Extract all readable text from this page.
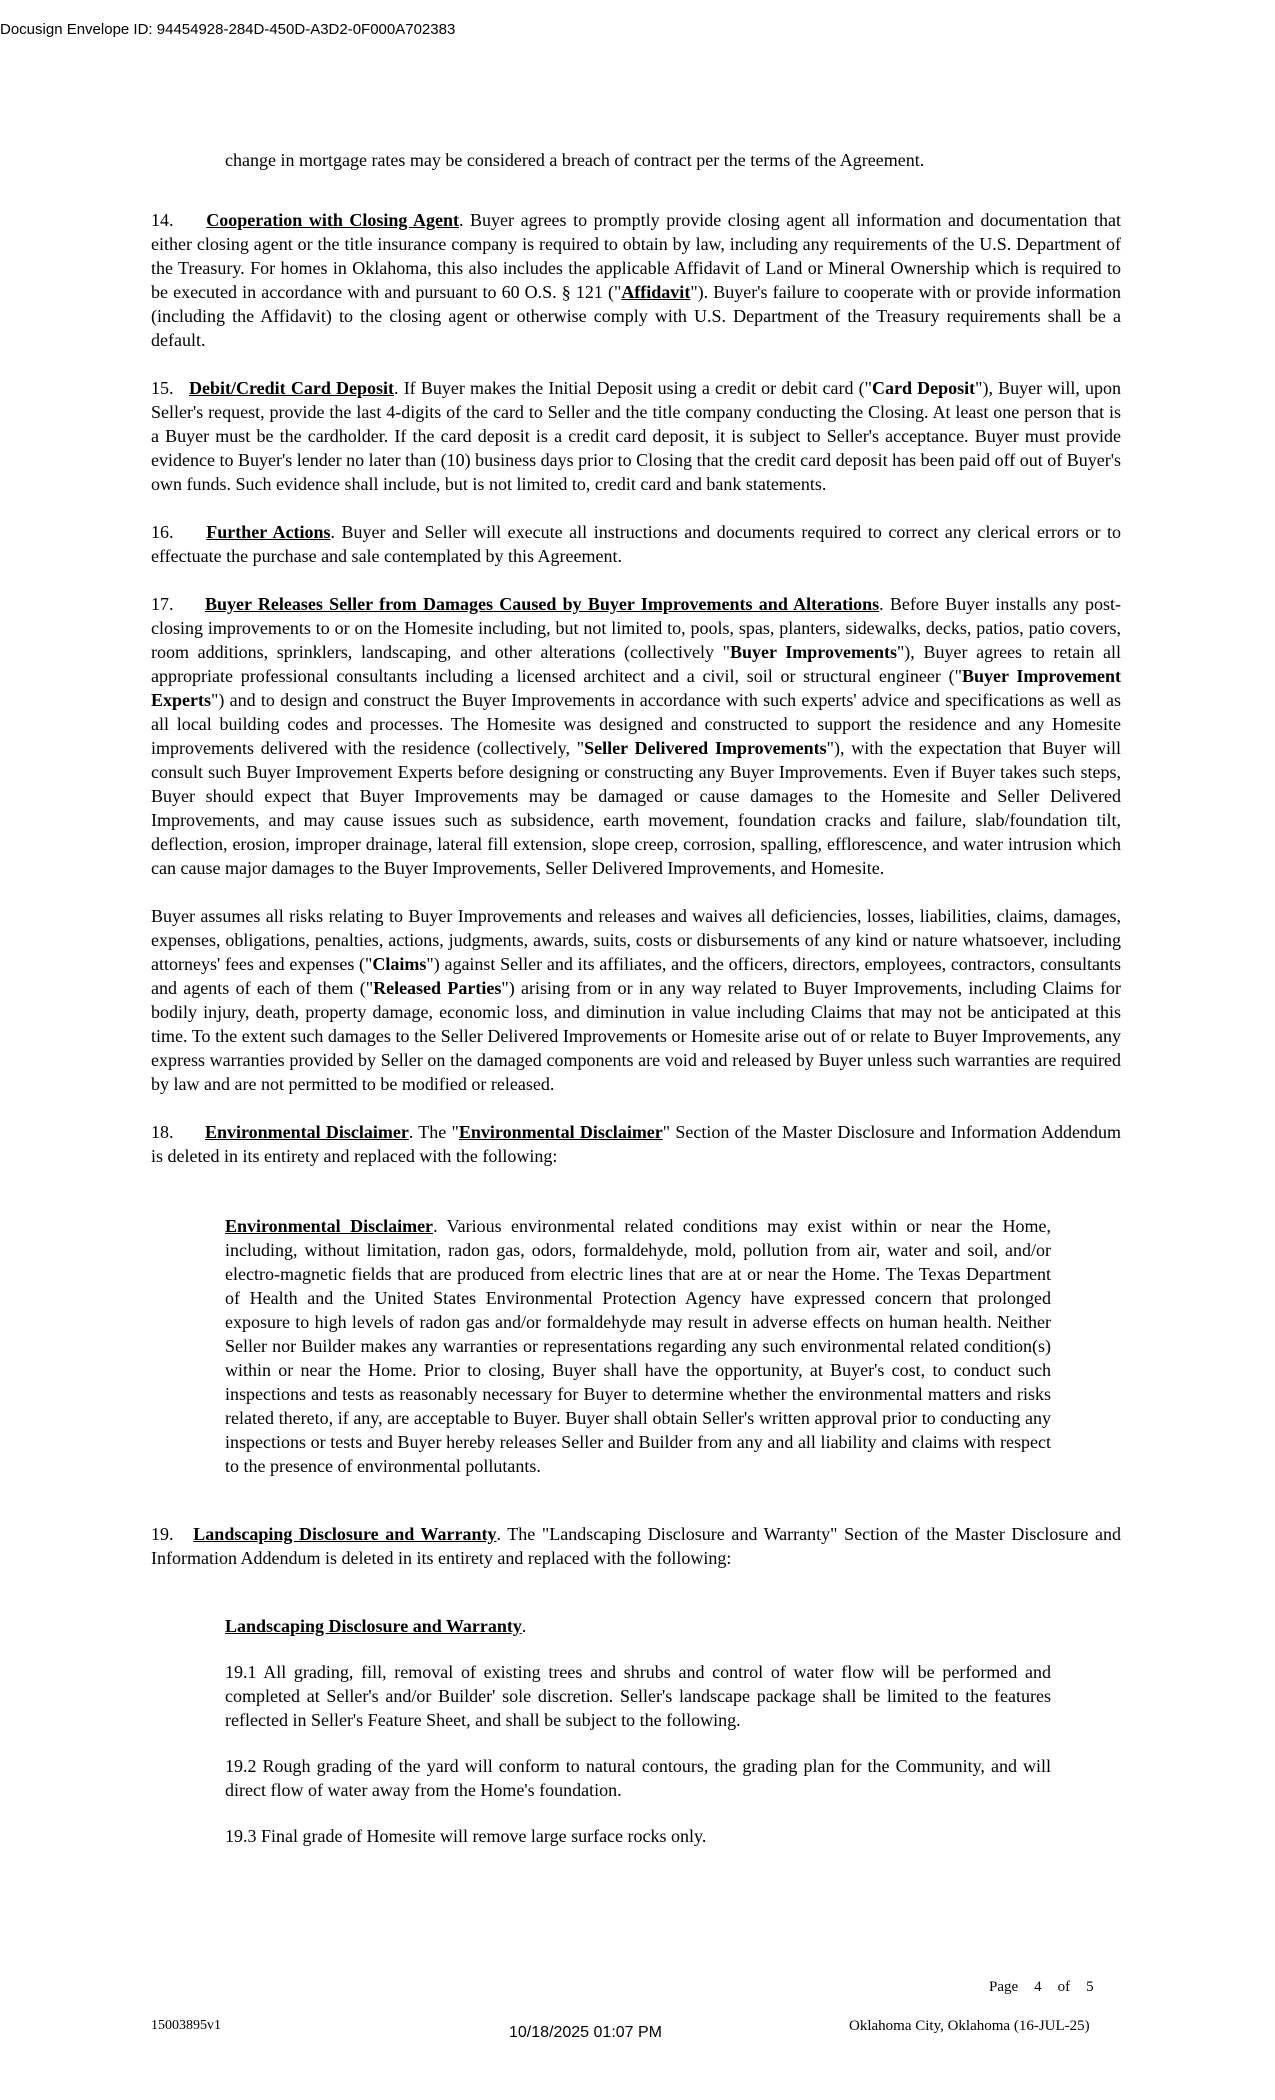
Docusign Envelope ID: 94454928-284D-450D-A3D2-0F000A702383

change in mortgage rates may be considered a breach of contract per the terms of the Agreement.

14. Cooperation with Closing Agent. Buyer agrees to promptly provide closing agent all information and documentation that either closing agent or the title insurance company is required to obtain by law, including any requirements of the U.S. Department of the Treasury. For homes in Oklahoma, this also includes the applicable Affidavit of Land or Mineral Ownership which is required to be executed in accordance with and pursuant to 60 O.S. § 121 ("Affidavit"). Buyer's failure to cooperate with or provide information (including the Affidavit) to the closing agent or otherwise comply with U.S. Department of the Treasury requirements shall be a default.

15. Debit/Credit Card Deposit. If Buyer makes the Initial Deposit using a credit or debit card ("Card Deposit"), Buyer will, upon Seller's request, provide the last 4-digits of the card to Seller and the title company conducting the Closing. At least one person that is a Buyer must be the cardholder. If the card deposit is a credit card deposit, it is subject to Seller's acceptance. Buyer must provide evidence to Buyer's lender no later than (10) business days prior to Closing that the credit card deposit has been paid off out of Buyer's own funds. Such evidence shall include, but is not limited to, credit card and bank statements.

16. Further Actions. Buyer and Seller will execute all instructions and documents required to correct any clerical errors or to effectuate the purchase and sale contemplated by this Agreement.

17. Buyer Releases Seller from Damages Caused by Buyer Improvements and Alterations. Before Buyer installs any post-closing improvements to or on the Homesite including, but not limited to, pools, spas, planters, sidewalks, decks, patios, patio covers, room additions, sprinklers, landscaping, and other alterations (collectively "Buyer Improvements"), Buyer agrees to retain all appropriate professional consultants including a licensed architect and a civil, soil or structural engineer ("Buyer Improvement Experts") and to design and construct the Buyer Improvements in accordance with such experts' advice and specifications as well as all local building codes and processes. The Homesite was designed and constructed to support the residence and any Homesite improvements delivered with the residence (collectively, "Seller Delivered Improvements"), with the expectation that Buyer will consult such Buyer Improvement Experts before designing or constructing any Buyer Improvements. Even if Buyer takes such steps, Buyer should expect that Buyer Improvements may be damaged or cause damages to the Homesite and Seller Delivered Improvements, and may cause issues such as subsidence, earth movement, foundation cracks and failure, slab/foundation tilt, deflection, erosion, improper drainage, lateral fill extension, slope creep, corrosion, spalling, efflorescence, and water intrusion which can cause major damages to the Buyer Improvements, Seller Delivered Improvements, and Homesite.

Buyer assumes all risks relating to Buyer Improvements and releases and waives all deficiencies, losses, liabilities, claims, damages, expenses, obligations, penalties, actions, judgments, awards, suits, costs or disbursements of any kind or nature whatsoever, including attorneys' fees and expenses ("Claims") against Seller and its affiliates, and the officers, directors, employees, contractors, consultants and agents of each of them ("Released Parties") arising from or in any way related to Buyer Improvements, including Claims for bodily injury, death, property damage, economic loss, and diminution in value including Claims that may not be anticipated at this time. To the extent such damages to the Seller Delivered Improvements or Homesite arise out of or relate to Buyer Improvements, any express warranties provided by Seller on the damaged components are void and released by Buyer unless such warranties are required by law and are not permitted to be modified or released.

18. Environmental Disclaimer. The "Environmental Disclaimer" Section of the Master Disclosure and Information Addendum is deleted in its entirety and replaced with the following:

Environmental Disclaimer. Various environmental related conditions may exist within or near the Home, including, without limitation, radon gas, odors, formaldehyde, mold, pollution from air, water and soil, and/or electro-magnetic fields that are produced from electric lines that are at or near the Home. The Texas Department of Health and the United States Environmental Protection Agency have expressed concern that prolonged exposure to high levels of radon gas and/or formaldehyde may result in adverse effects on human health. Neither Seller nor Builder makes any warranties or representations regarding any such environmental related condition(s) within or near the Home. Prior to closing, Buyer shall have the opportunity, at Buyer's cost, to conduct such inspections and tests as reasonably necessary for Buyer to determine whether the environmental matters and risks related thereto, if any, are acceptable to Buyer. Buyer shall obtain Seller's written approval prior to conducting any inspections or tests and Buyer hereby releases Seller and Builder from any and all liability and claims with respect to the presence of environmental pollutants.

19. Landscaping Disclosure and Warranty. The "Landscaping Disclosure and Warranty" Section of the Master Disclosure and Information Addendum is deleted in its entirety and replaced with the following:

Landscaping Disclosure and Warranty.

19.1 All grading, fill, removal of existing trees and shrubs and control of water flow will be performed and completed at Seller's and/or Builder' sole discretion. Seller's landscape package shall be limited to the features reflected in Seller's Feature Sheet, and shall be subject to the following.

19.2 Rough grading of the yard will conform to natural contours, the grading plan for the Community, and will direct flow of water away from the Home's foundation.

19.3 Final grade of Homesite will remove large surface rocks only.

Page 4 of 5
15003895v1	10/18/2025 01:07 PM	Oklahoma City, Oklahoma (16-JUL-25)
